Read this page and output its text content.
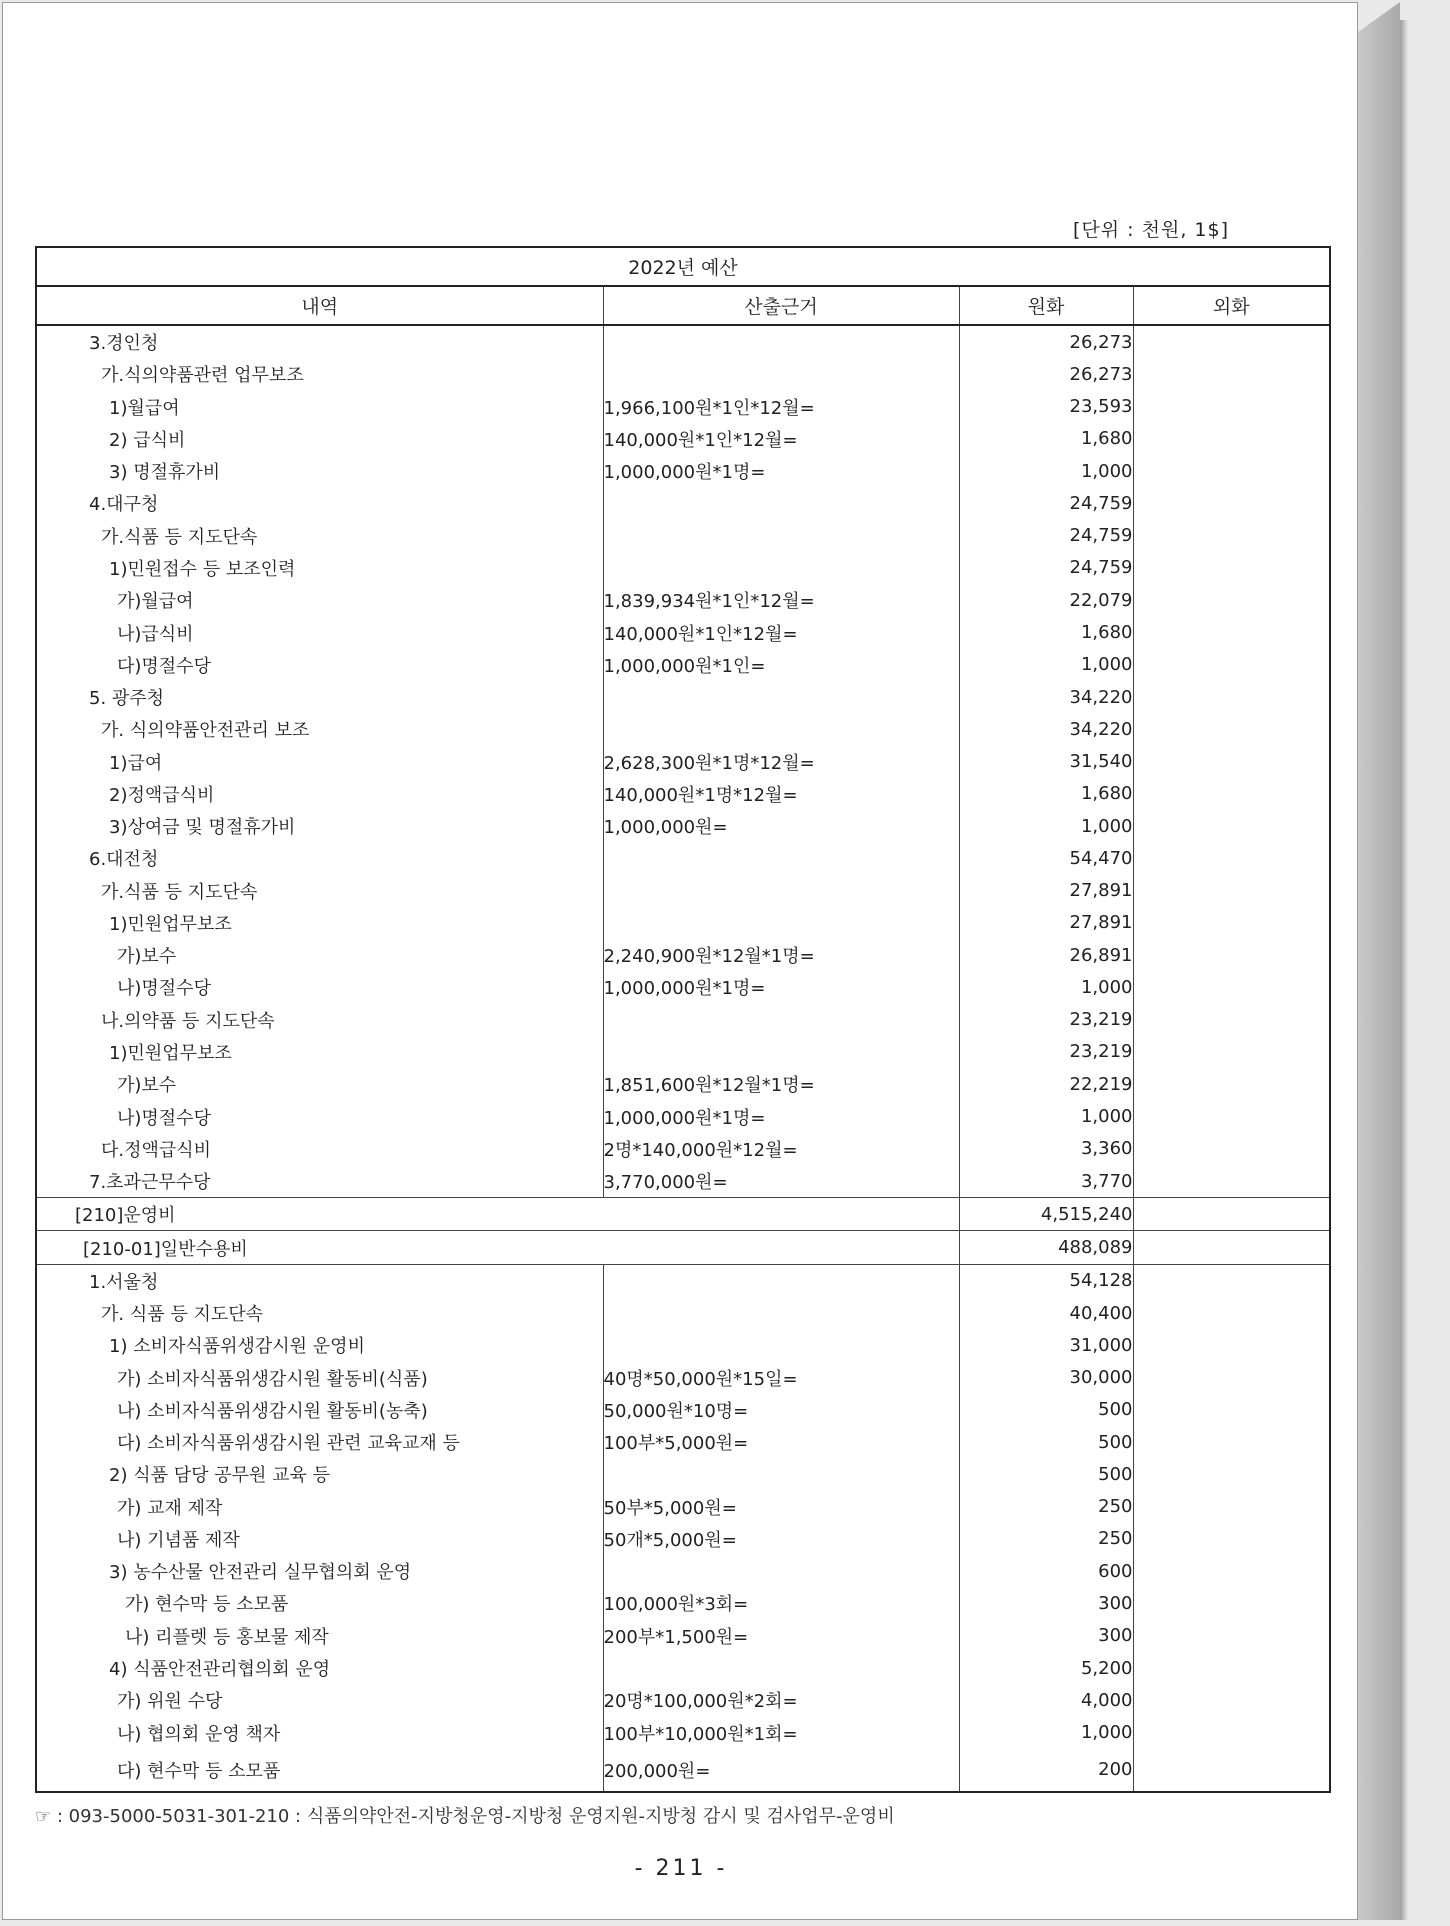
[단위 : 천원, 1$]
2022년 예산			
내역	산출근거	원화	외화
3.경인청		26,273	
가.식의약품관련 업무보조		26,273	
1)월급여	1,966,100원*1인*12월=	23,593	
2) 급식비	140,000원*1인*12월=	1,680	
3) 명절휴가비	1,000,000원*1명=	1,000	
4.대구청		24,759	
가.식품 등 지도단속		24,759	
1)민원접수 등 보조인력		24,759	
가)월급여	1,839,934원*1인*12월=	22,079	
나)급식비	140,000원*1인*12월=	1,680	
다)명절수당	1,000,000원*1인=	1,000	
5. 광주청		34,220	
가. 식의약품안전관리 보조		34,220	
1)급여	2,628,300원*1명*12월=	31,540	
2)정액급식비	140,000원*1명*12월=	1,680	
3)상여금 및 명절휴가비	1,000,000원=	1,000	
6.대전청		54,470	
가.식품 등 지도단속		27,891	
1)민원업무보조		27,891	
가)보수	2,240,900원*12월*1명=	26,891	
나)명절수당	1,000,000원*1명=	1,000	
나.의약품 등 지도단속		23,219	
1)민원업무보조		23,219	
가)보수	1,851,600원*12월*1명=	22,219	
나)명절수당	1,000,000원*1명=	1,000	
다.정액급식비	2명*140,000원*12월=	3,360	
7.초과근무수당	3,770,000원=	3,770	
[210]운영비		4,515,240	
[210-01]일반수용비		488,089	
1.서울청		54,128	
가. 식품 등 지도단속		40,400	
1) 소비자식품위생감시원 운영비		31,000	
가) 소비자식품위생감시원 활동비(식품)	40명*50,000원*15일=	30,000	
나) 소비자식품위생감시원 활동비(농축)	50,000원*10명=	500	
다) 소비자식품위생감시원 관련 교육교재 등	100부*5,000원=	500	
2) 식품 담당 공무원 교육 등		500	
가) 교재 제작	50부*5,000원=	250	
나) 기념품 제작	50개*5,000원=	250	
3) 농수산물 안전관리 실무협의회 운영		600	
가) 현수막 등 소모품	100,000원*3회=	300	
나) 리플렛 등 홍보물 제작	200부*1,500원=	300	
4) 식품안전관리협의회 운영		5,200	
가) 위원 수당	20명*100,000원*2회=	4,000	
나) 협의회 운영 책자	100부*10,000원*1회=	1,000	
다) 현수막 등 소모품	200,000원=	200	
☞ : 093-5000-5031-301-210 : 식품의약안전-지방청운영-지방청 운영지원-지방청 감시 및 검사업무-운영비
- 211 -
